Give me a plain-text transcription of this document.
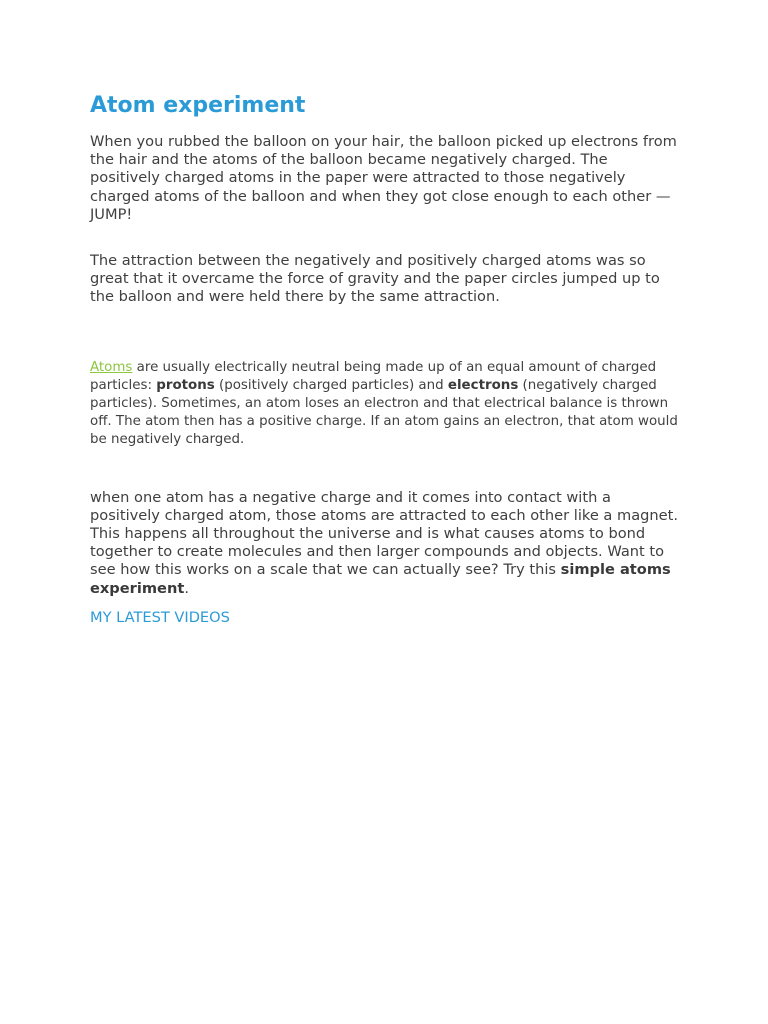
Atom experiment

When you rubbed the balloon on your hair, the balloon picked up electrons from the hair and the atoms of the balloon became negatively charged. The positively charged atoms in the paper were attracted to those negatively charged atoms of the balloon and when they got close enough to each other —JUMP!

The attraction between the negatively and positively charged atoms was so great that it overcame the force of gravity and the paper circles jumped up to the balloon and were held there by the same attraction.

Atoms are usually electrically neutral being made up of an equal amount of charged particles: protons (positively charged particles) and electrons (negatively charged particles). Sometimes, an atom loses an electron and that electrical balance is thrown off. The atom then has a positive charge. If an atom gains an electron, that atom would be negatively charged.

when one atom has a negative charge and it comes into contact with a positively charged atom, those atoms are attracted to each other like a magnet. This happens all throughout the universe and is what causes atoms to bond together to create molecules and then larger compounds and objects. Want to see how this works on a scale that we can actually see? Try this simple atoms experiment.

MY LATEST VIDEOS
